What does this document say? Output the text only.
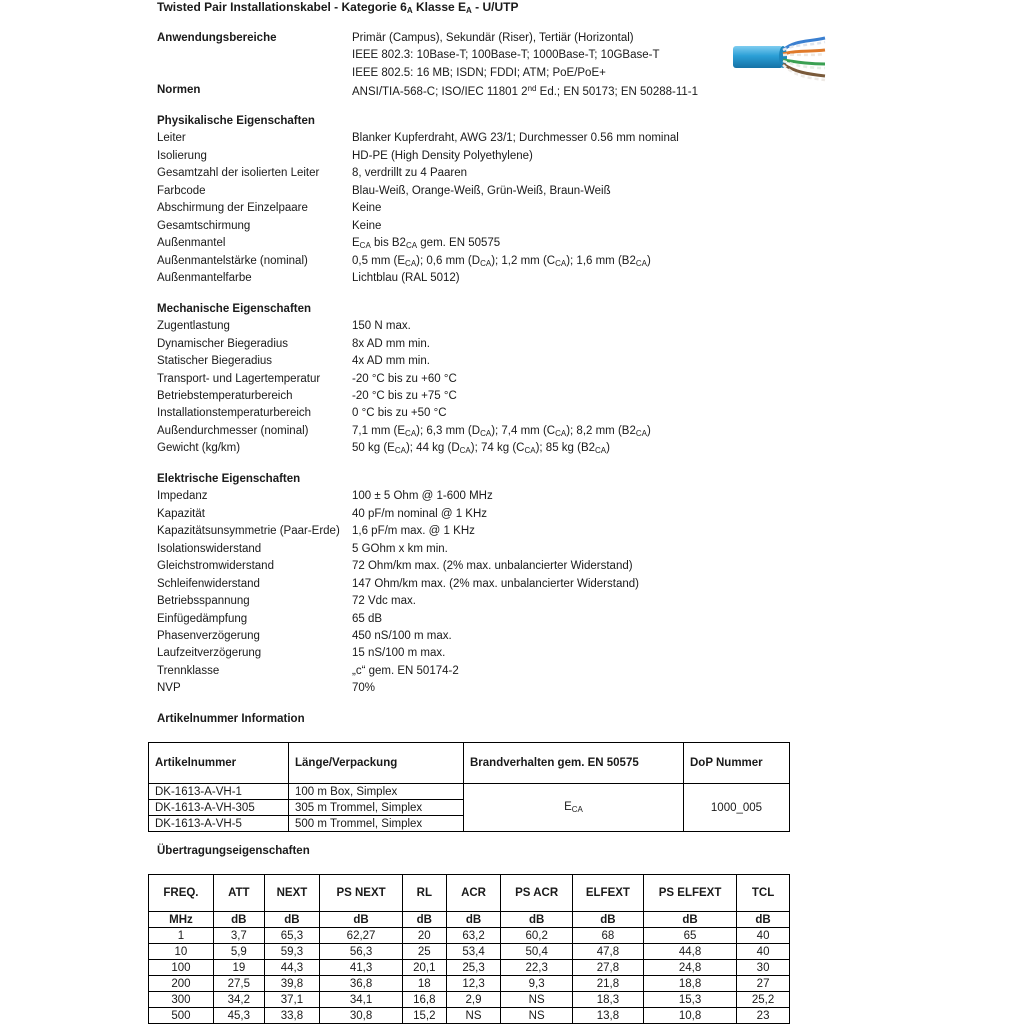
Twisted Pair Installationskabel - Kategorie $6_A$ Klasse $E_A - U/UTP$
Anwendungsbereiche	Primär (Campus), Sekundär (Riser), Tertiär (Horizontal)
IEEE 802.3: 10Base-T; 100Base-T; 1000Base-T; 10GBase-T
IEEE 802.5: 16 MB; ISDN; FDDI; ATM; PoE/PoE+
Normen	ANSI/TIA-568-C; ISO/IEC 11801 2nd Ed.; EN 50173; EN 50288-11-1
Physikalische Eigenschaften
Leiter	Blanker Kupferdraht, AWG 23/1; Durchmesser 0.56 mm nominal
Isolierung	HD-PE (High Density Polyethylene)
Gesamtzahl der isolierten Leiter	8, verdrillt zu 4 Paaren
Farbcode	Blau-Weiß, Orange-Weiß, Grün-Weiß, Braun-Weiß
Abschirmung der Einzelpaare	Keine
Gesamtschirmung	Keine
Außenmantel	$E_{CA}$ bis $B2_{CA}$ gem. EN 50575
Außenmantelstärke (nominal)	0,5 mm $(E_{CA})$; 0,6 mm $(D_{CA})$; 1,2 mm $(C_{CA})$; 1,6 mm $(B2_{CA})$
Außenmantelfarbe	Lichtblau (RAL 5012)
Mechanische Eigenschaften
Zugentlastung	150 N max.
Dynamischer Biegeradius	8x AD mm min.
Statischer Biegeradius	4x AD mm min.
Transport- und Lagertemperatur	-20 °C bis zu +60 °C
Betriebstemperaturbereich	-20 °C bis zu +75 °C
Installationstemperaturbereich	0 °C bis zu +50 °C
Außendurchmesser (nominal)	7,1 mm $(E_{CA})$; 6,3 mm $(D_{CA})$; 7,4 mm $(C_{CA})$; 8,2 mm $(B2_{CA})$
Gewicht (kg/km)	50 kg $(E_{CA})$; 44 kg $(D_{CA})$; 74 kg $(C_{CA})$; 85 kg $(B2_{CA})$
Elektrische Eigenschaften
Impedanz	100 ± 5 Ohm @ 1-600 MHz
Kapazität	40 pF/m nominal @ 1 KHz
Kapazitätsunsymmetrie (Paar-Erde) 1,6 pF/m max. @ 1 KHz
Isolationswiderstand	5 GOhm x km min.
Gleichstromwiderstand	72 Ohm/km max. (2% max. unbalancierter Widerstand)
Schleifenwiderstand	147 Ohm/km max. (2% max. unbalancierter Widerstand)
Betriebsspannung	72 Vdc max.
Einfügedämpfung	65 dB
Phasenverzögerung	450 nS/100 m max.
Laufzeitverzögerung	15 nS/100 m max.
Trennklasse	„c“ gem. EN 50174-2
NVP	70%
Artikelnummer Information
Artikelnummer	Länge/Verpackung	Brandverhalten gem. EN 50575	DoP Nummer
DK-1613-A-VH-1	100 m Box, Simplex	$E_{CA}$	1000_005
DK-1613-A-VH-305	305 m Trommel, Simplex		
DK-1613-A-VH-5	500 m Trommel, Simplex		
Übertragungseigenschaften
FREQ.	ATT	NEXT	PS NEXT	RL	ACR	PS ACR	ELFEXT	PS ELFEXT	TCL
MHz	dB	dB	dB	dB	dB	dB	dB	dB	dB
1	3,7	65,3	62,27	20	63,2	60,2	68	65	40
10	5,9	59,3	56,3	25	53,4	50,4	47,8	44,8	40
100	19	44,3	41,3	20,1	25,3	22,3	27,8	24,8	30
200	27,5	39,8	36,8	18	12,3	9,3	21,8	18,8	27
300	34,2	37,1	34,1	16,8	2,9	NS	18,3	15,3	25,2
500	45,3	33,8	30,8	15,2	NS	NS	13,8	10,8	23
